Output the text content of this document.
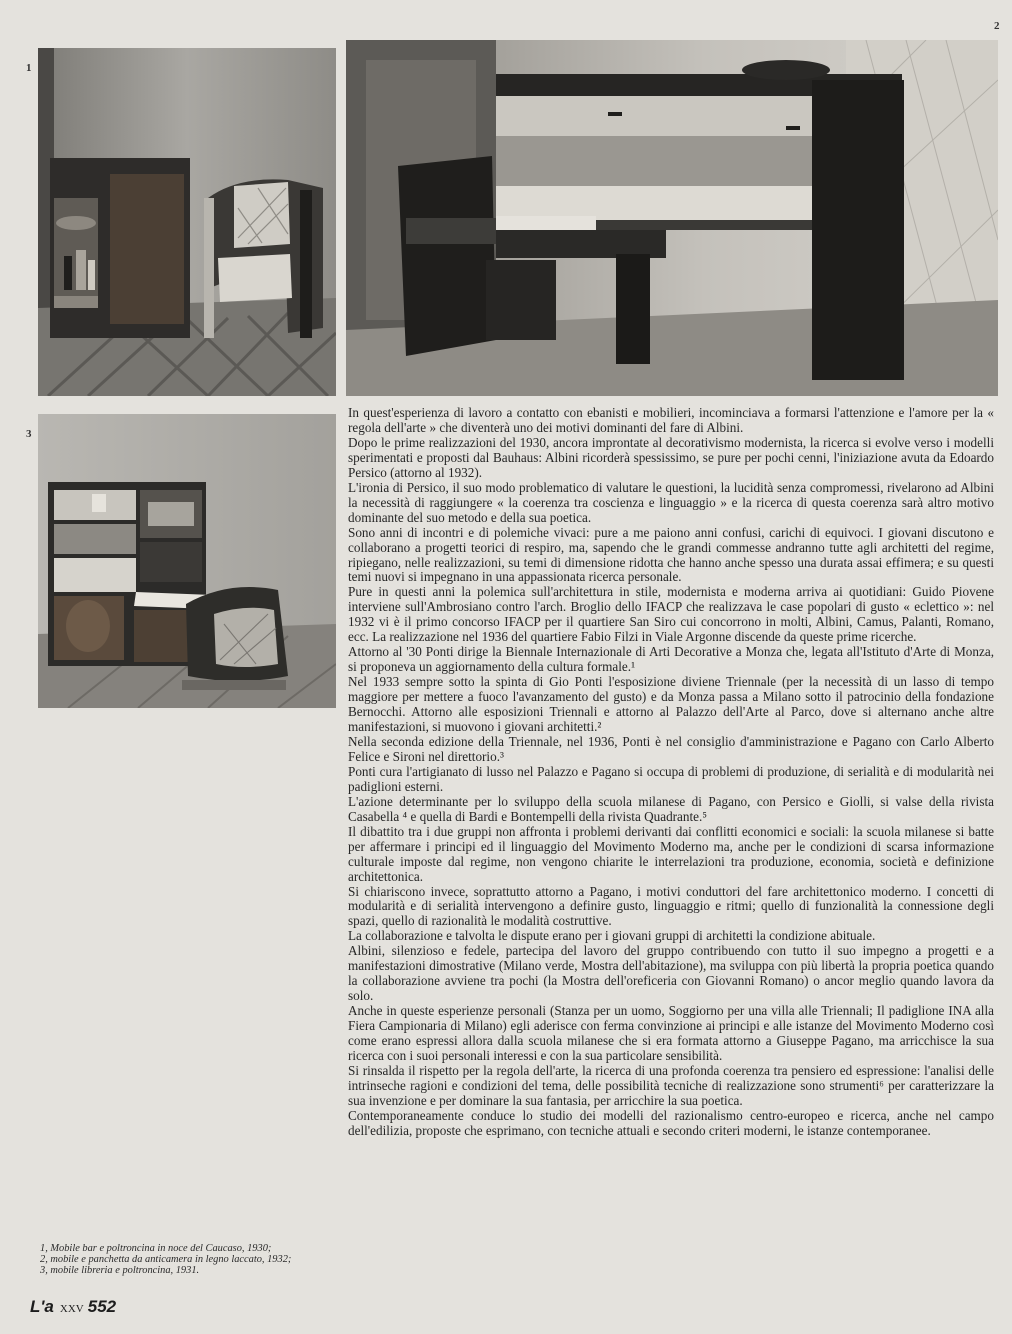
1
2
3

In quest'esperienza di lavoro a contatto con ebanisti e mobilieri, incominciava a formarsi l'attenzione e l'amore per la « regola dell'arte » che diventerà uno dei motivi dominanti del fare di Albini.

Dopo le prime realizzazioni del 1930, ancora improntate al decorativismo modernista, la ricerca si evolve verso i modelli sperimentati e proposti dal Bauhaus: Albini ricorderà spessissimo, se pure per pochi cenni, l'iniziazione avuta da Edoardo Persico (attorno al 1932).

L'ironia di Persico, il suo modo problematico di valutare le questioni, la lucidità senza compromessi, rivelarono ad Albini la necessità di raggiungere « la coerenza tra coscienza e linguaggio » e la ricerca di questa coerenza sarà altro motivo dominante del suo metodo e della sua poetica.

Sono anni di incontri e di polemiche vivaci: pure a me paiono anni confusi, carichi di equivoci. I giovani discutono e collaborano a progetti teorici di respiro, ma, sapendo che le grandi commesse andranno tutte agli architetti del regime, ripiegano, nelle realizzazioni, su temi di dimensione ridotta che hanno anche spesso una durata assai effimera; e su questi temi nuovi si impegnano in una appassionata ricerca personale.

Pure in questi anni la polemica sull'architettura in stile, modernista e moderna arriva ai quotidiani: Guido Piovene interviene sull'Ambrosiano contro l'arch. Broglio dello IFACP che realizzava le case popolari di gusto « eclettico »: nel 1932 vi è il primo concorso IFACP per il quartiere San Siro cui concorrono in molti, Albini, Camus, Palanti, Romano, ecc. La realizzazione nel 1936 del quartiere Fabio Filzi in Viale Argonne discende da queste prime ricerche.

Attorno al '30 Ponti dirige la Biennale Internazionale di Arti Decorative a Monza che, legata all'Istituto d'Arte di Monza, si proponeva un aggiornamento della cultura formale.¹

Nel 1933 sempre sotto la spinta di Gio Ponti l'esposizione diviene Triennale (per la necessità di un lasso di tempo maggiore per mettere a fuoco l'avanzamento del gusto) e da Monza passa a Milano sotto il patrocinio della fondazione Bernocchi. Attorno alle esposizioni Triennali e attorno al Palazzo dell'Arte al Parco, dove si alternano anche altre manifestazioni, si muovono i giovani architetti.²

Nella seconda edizione della Triennale, nel 1936, Ponti è nel consiglio d'amministrazione e Pagano con Carlo Alberto Felice e Sironi nel direttorio.³

Ponti cura l'artigianato di lusso nel Palazzo e Pagano si occupa di problemi di produzione, di serialità e di modularità nei padiglioni esterni.

L'azione determinante per lo sviluppo della scuola milanese di Pagano, con Persico e Giolli, si valse della rivista Casabella ⁴ e quella di Bardi e Bontempelli della rivista Quadrante.⁵

Il dibattito tra i due gruppi non affronta i problemi derivanti dai conflitti economici e sociali: la scuola milanese si batte per affermare i principi ed il linguaggio del Movimento Moderno ma, anche per le condizioni di scarsa informazione culturale imposte dal regime, non vengono chiarite le interrelazioni tra produzione, economia, società e definizione architettonica.

Si chiariscono invece, soprattutto attorno a Pagano, i motivi conduttori del fare architettonico moderno. I concetti di modularità e di serialità intervengono a definire gusto, linguaggio e ritmi; quello di funzionalità la connessione degli spazi, quello di razionalità le modalità costruttive.

La collaborazione e talvolta le dispute erano per i giovani gruppi di architetti la condizione abituale.

Albini, silenzioso e fedele, partecipa del lavoro del gruppo contribuendo con tutto il suo impegno a progetti e a manifestazioni dimostrative (Milano verde, Mostra dell'abitazione), ma sviluppa con più libertà la propria poetica quando la collaborazione avviene tra pochi (la Mostra dell'oreficeria con Giovanni Romano) o ancor meglio quando lavora da solo.

Anche in queste esperienze personali (Stanza per un uomo, Soggiorno per una villa alle Triennali; Il padiglione INA alla Fiera Campionaria di Milano) egli aderisce con ferma convinzione ai principi e alle istanze del Movimento Moderno così come erano espressi allora dalla scuola milanese che si era formata attorno a Giuseppe Pagano, ma arricchisce la sua ricerca con i suoi personali interessi e con la sua particolare sensibilità.

Si rinsalda il rispetto per la regola dell'arte, la ricerca di una profonda coerenza tra pensiero ed espressione: l'analisi delle intrinseche ragioni e condizioni del tema, delle possibilità tecniche di realizzazione sono strumenti⁶ per caratterizzare la sua invenzione e per dominare la sua fantasia, per arricchire la sua poetica.

Contemporaneamente conduce lo studio dei modelli del razionalismo centro-europeo e ricerca, anche nel campo dell'edilizia, proposte che esprimano, con tecniche attuali e secondo criteri moderni, le istanze contemporanee.

1, Mobile bar e poltroncina in noce del Caucaso, 1930;
2, mobile e panchetta da anticamera in legno laccato, 1932;
3, mobile libreria e poltroncina, 1931.
L'a XXV 552
